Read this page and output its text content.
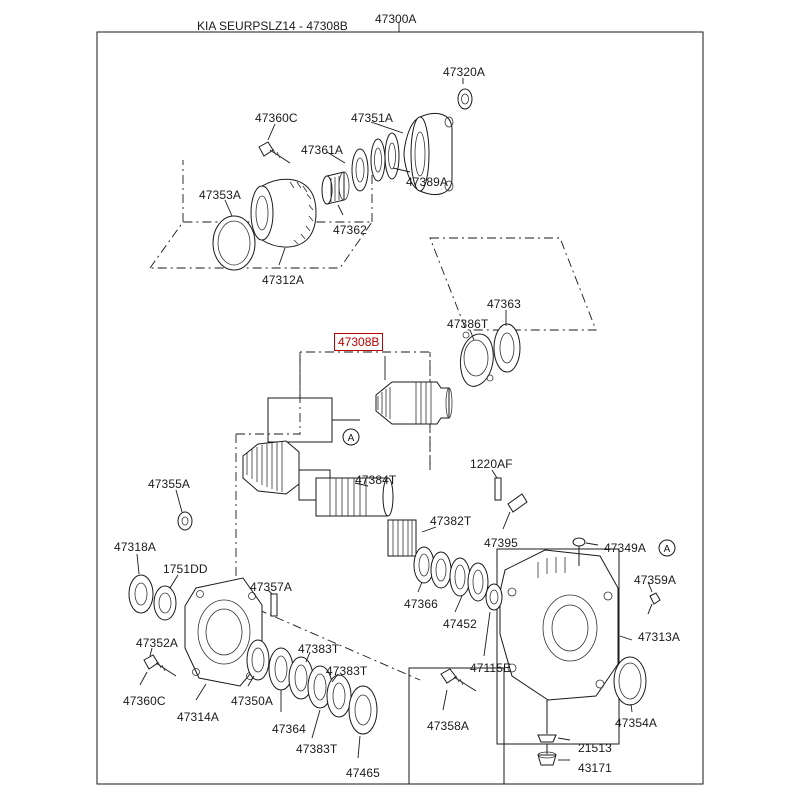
A
A
KIA SEURPSLZ14 - 47308B 47300A
47308B
47320A
47360C	47351A
47361A
47389A
47353A
47362
47312A
47363
47386T
47384T
1220AF
47355A
47382T
47395	47349A
47318A
1751DD
47357A	47359A
47366
47452
47352A	47383T
47383T
47313A
47115E
47360C
47314A
47350A
47364
47383T
47465
47358A	47354A
21513
43171
